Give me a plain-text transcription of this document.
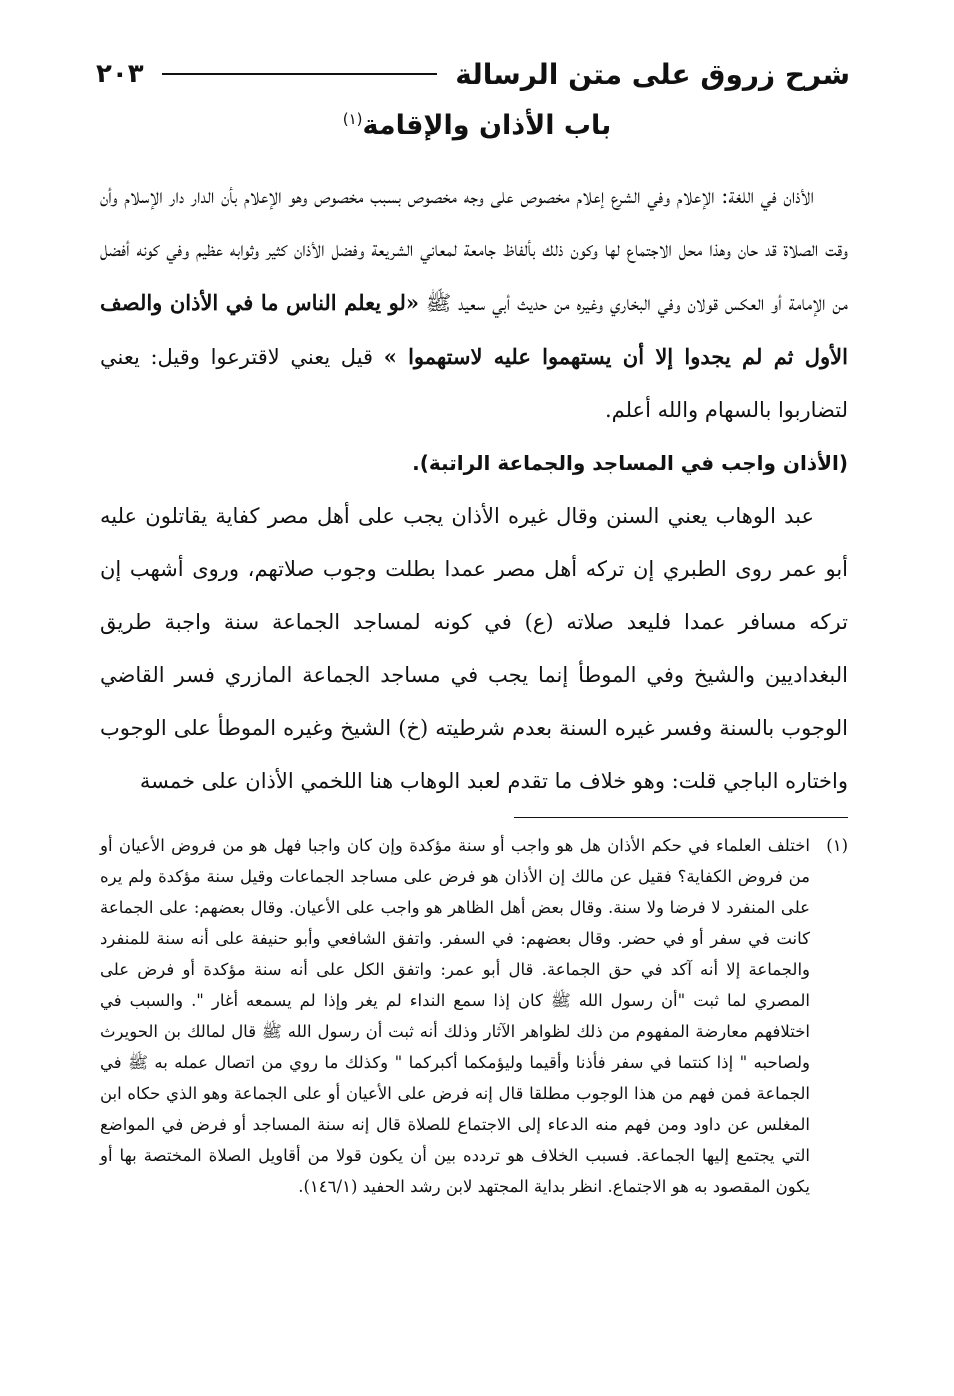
شرح زروق على متن الرسالة
٢٠٣
باب الأذان والإقامة$^{(١)}$

الأذان في اللغة: الإعلام وفي الشرع إعلام مخصوص على وجه مخصوص بسبب مخصوص وهو الإعلام بأن الدار دار الإسلام وأن وقت الصلاة قد حان وهذا محل الاجتماع لها وكون ذلك بألفاظ جامعة لمعاني الشريعة وفضل الأذان كثير وثوابه عظيم وفي كونه أفضل من الإمامة أو العكس قولان وفي البخاري وغيره من حديث أبي سعيد ﷺ «لو يعلم الناس ما في الأذان والصف الأول ثم لم يجدوا إلا أن يستهموا عليه لاستهموا » قيل يعني لاقترعوا وقيل: يعني لتضاربوا بالسهام والله أعلم.

(الأذان واجب في المساجد والجماعة الراتبة).

عبد الوهاب يعني السنن وقال غيره الأذان يجب على أهل مصر كفاية يقاتلون عليه أبو عمر روى الطبري إن تركه أهل مصر عمدا بطلت وجوب صلاتهم، وروى أشهب إن تركه مسافر عمدا فليعد صلاته (ع) في كونه لمساجد الجماعة سنة واجبة طريق البغداديين والشيخ وفي الموطأ إنما يجب في مساجد الجماعة المازري فسر القاضي الوجوب بالسنة وفسر غيره السنة بعدم شرطيته (خ) الشيخ وغيره الموطأ على الوجوب واختاره الباجي قلت: وهو خلاف ما تقدم لعبد الوهاب هنا اللخمي الأذان على خمسة

(١)
اختلف العلماء في حكم الأذان هل هو واجب أو سنة مؤكدة وإن كان واجبا فهل هو من فروض الأعيان أو من فروض الكفاية؟ فقيل عن مالك إن الأذان هو فرض على مساجد الجماعات وقيل سنة مؤكدة ولم يره على المنفرد لا فرضا ولا سنة. وقال بعض أهل الظاهر هو واجب على الأعيان. وقال بعضهم: على الجماعة كانت في سفر أو في حضر. وقال بعضهم: في السفر. واتفق الشافعي وأبو حنيفة على أنه سنة للمنفرد والجماعة إلا أنه آكد في حق الجماعة. قال أبو عمر: واتفق الكل على أنه سنة مؤكدة أو فرض على المصري لما ثبت "أن رسول الله ﷺ كان إذا سمع النداء لم يغر وإذا لم يسمعه أغار ". والسبب في اختلافهم معارضة المفهوم من ذلك لظواهر الآثار وذلك أنه ثبت أن رسول الله ﷺ قال لمالك بن الحويرث ولصاحبه " إذا كنتما في سفر فأذنا وأقيما وليؤمكما أكبركما " وكذلك ما روي من اتصال عمله به ﷺ في الجماعة فمن فهم من هذا الوجوب مطلقا قال إنه فرض على الأعيان أو على الجماعة وهو الذي حكاه ابن المغلس عن داود ومن فهم منه الدعاء إلى الاجتماع للصلاة قال إنه سنة المساجد أو فرض في المواضع التي يجتمع إليها الجماعة. فسبب الخلاف هو تردده بين أن يكون قولا من أقاويل الصلاة المختصة بها أو يكون المقصود به هو الاجتماع. انظر بداية المجتهد لابن رشد الحفيد (١٤٦/١).
